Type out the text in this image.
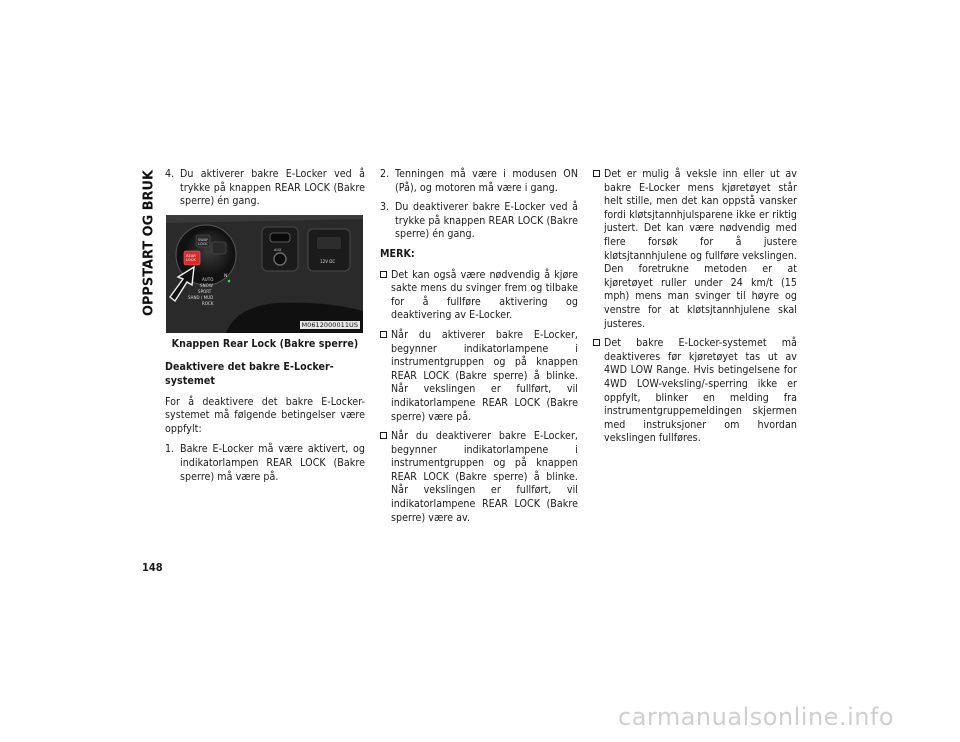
OPPSTART OG BRUK 4. Du aktiverer bakre E-Locker ved å trykke på knappen REAR LOCK (Bakre sperre) én gang.
12V DC
AUX
SWAY
LOCK
REAR
LOCK
N
AUTO
SNOW
SPORT
SAND / MUD
ROCK
M0612000011US
Knappen Rear Lock (Bakre sperre)
Deaktivere det bakre E-Locker-systemet
For å deaktivere det bakre E-Locker-systemet må følgende betingelser være oppfylt:
1. Bakre E-Locker må være aktivert, og indikatorlampen REAR LOCK (Bakre sperre) må være på.
2. Tenningen må være i modusen ON (På), og motoren må være i gang.
3. Du deaktiverer bakre E-Locker ved å trykke på knappen REAR LOCK (Bakre sperre) én gang.
MERK:
Det kan også være nødvendig å kjøre sakte mens du svinger frem og tilbake for å fullføre aktivering og deaktivering av E-Locker.
Når du aktiverer bakre E-Locker, begynner indikatorlampene i instrumentgruppen og på knappen REAR LOCK (Bakre sperre) å blinke. Når vekslingen er fullført, vil indikatorlampene REAR LOCK (Bakre sperre) være på.
Når du deaktiverer bakre E-Locker, begynner indikatorlampene i instrumentgruppen og på knappen REAR LOCK (Bakre sperre) å blinke. Når vekslingen er fullført, vil indikatorlampene REAR LOCK (Bakre sperre) være av.
Det er mulig å veksle inn eller ut av bakre E-Locker mens kjøretøyet står helt stille, men det kan oppstå vansker fordi kløtsjtannhjulsparene ikke er riktig justert. Det kan være nødvendig med flere forsøk for å justere kløtsjtannhjulene og fullføre vekslingen. Den foretrukne metoden er at kjøretøyet ruller under 24 km/t (15 mph) mens man svinger til høyre og venstre for at kløtsjtannhjulene skal justeres.
Det bakre E-Locker-systemet må deaktiveres før kjøretøyet tas ut av 4WD LOW Range. Hvis betingelsene for 4WD LOW-veksling/-sperring ikke er oppfylt, blinker en melding fra instrumentgruppemeldingen skjermen med instruksjoner om hvordan vekslingen fullføres.
148
carmanualsonline.info
